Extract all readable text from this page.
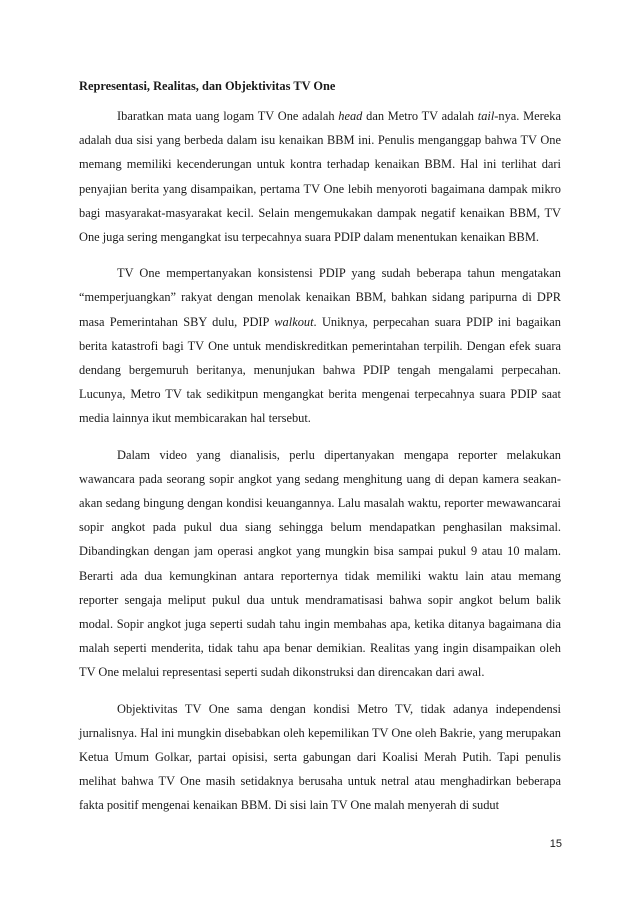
Representasi, Realitas, dan Objektivitas TV One

Ibaratkan mata uang logam TV One adalah head dan Metro TV adalah tail-nya. Mereka adalah dua sisi yang berbeda dalam isu kenaikan BBM ini. Penulis menganggap bahwa TV One memang memiliki kecenderungan untuk kontra terhadap kenaikan BBM. Hal ini terlihat dari penyajian berita yang disampaikan, pertama TV One lebih menyoroti bagaimana dampak mikro bagi masyarakat-masyarakat kecil. Selain mengemukakan dampak negatif kenaikan BBM, TV One juga sering mengangkat isu terpecahnya suara PDIP dalam menentukan kenaikan BBM.

TV One mempertanyakan konsistensi PDIP yang sudah beberapa tahun mengatakan “memperjuangkan” rakyat dengan menolak kenaikan BBM, bahkan sidang paripurna di DPR masa Pemerintahan SBY dulu, PDIP walkout. Uniknya, perpecahan suara PDIP ini bagaikan berita katastrofi bagi TV One untuk mendiskreditkan pemerintahan terpilih. Dengan efek suara dendang bergemuruh beritanya, menunjukan bahwa PDIP tengah mengalami perpecahan. Lucunya, Metro TV tak sedikitpun mengangkat berita mengenai terpecahnya suara PDIP saat media lainnya ikut membicarakan hal tersebut.

Dalam video yang dianalisis, perlu dipertanyakan mengapa reporter melakukan wawancara pada seorang sopir angkot yang sedang menghitung uang di depan kamera seakan-akan sedang bingung dengan kondisi keuangannya. Lalu masalah waktu, reporter mewawancarai sopir angkot pada pukul dua siang sehingga belum mendapatkan penghasilan maksimal. Dibandingkan dengan jam operasi angkot yang mungkin bisa sampai pukul 9 atau 10 malam. Berarti ada dua kemungkinan antara reporternya tidak memiliki waktu lain atau memang reporter sengaja meliput pukul dua untuk mendramatisasi bahwa sopir angkot belum balik modal. Sopir angkot juga seperti sudah tahu ingin membahas apa, ketika ditanya bagaimana dia malah seperti menderita, tidak tahu apa benar demikian. Realitas yang ingin disampaikan oleh TV One melalui representasi seperti sudah dikonstruksi dan direncakan dari awal.

Objektivitas TV One sama dengan kondisi Metro TV, tidak adanya independensi jurnalisnya. Hal ini mungkin disebabkan oleh kepemilikan TV One oleh Bakrie, yang merupakan Ketua Umum Golkar, partai opisisi, serta gabungan dari Koalisi Merah Putih. Tapi penulis melihat bahwa TV One masih setidaknya berusaha untuk netral atau menghadirkan beberapa fakta positif mengenai kenaikan BBM. Di sisi lain TV One malah menyerah di sudut

15
